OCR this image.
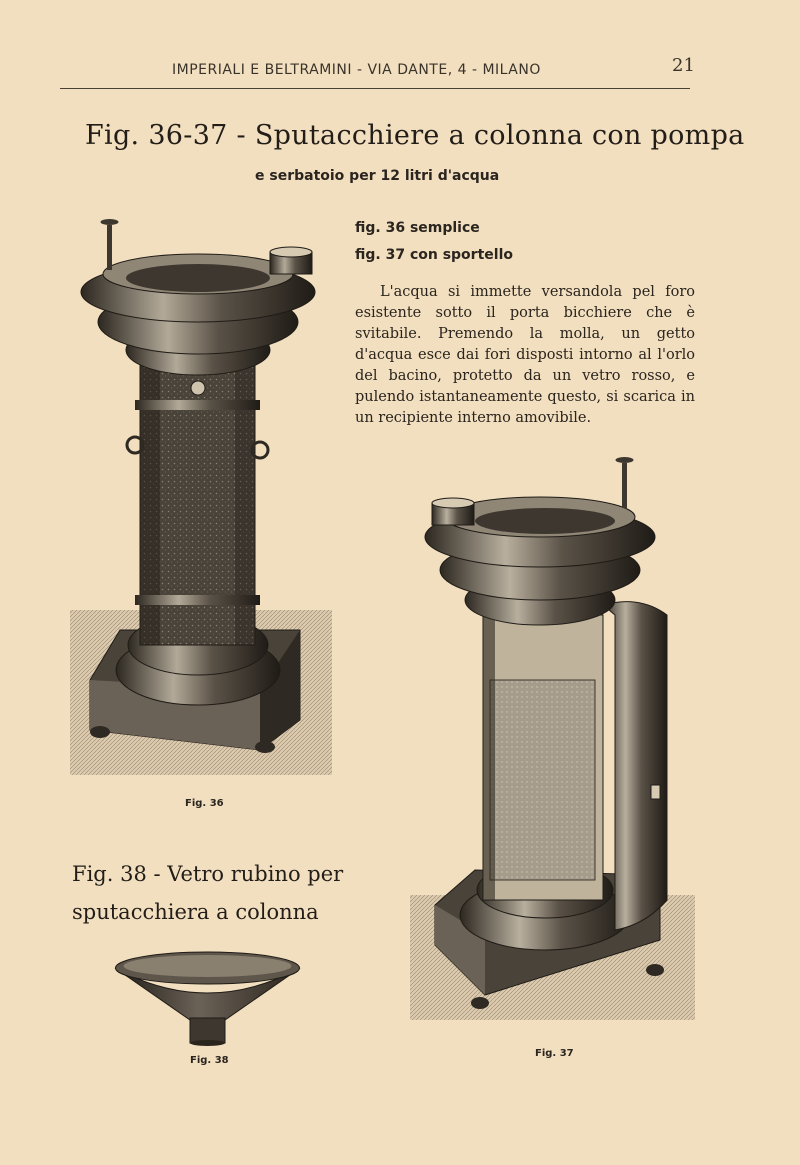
IMPERIALI E BELTRAMINI - VIA DANTE, 4 - MILANO	21
Fig. 36-37 - Sputacchiere a colonna con pompa
e serbatoio per 12 litri d'acqua
fig. 36 semplice
fig. 37 con sportello
L'acqua si immette versandola pel foro esistente sotto il porta bicchiere che è svitabile. Premendo la molla, un getto d'acqua esce dai fori disposti intorno al l'orlo del bacino, protetto da un vetro rosso, e pulendo istantaneamente questo, si scarica in un recipiente interno amovibile.
Fig. 36
Fig. 37
Fig. 38 - Vetro rubino per sputacchiera a colonna
Fig. 38
